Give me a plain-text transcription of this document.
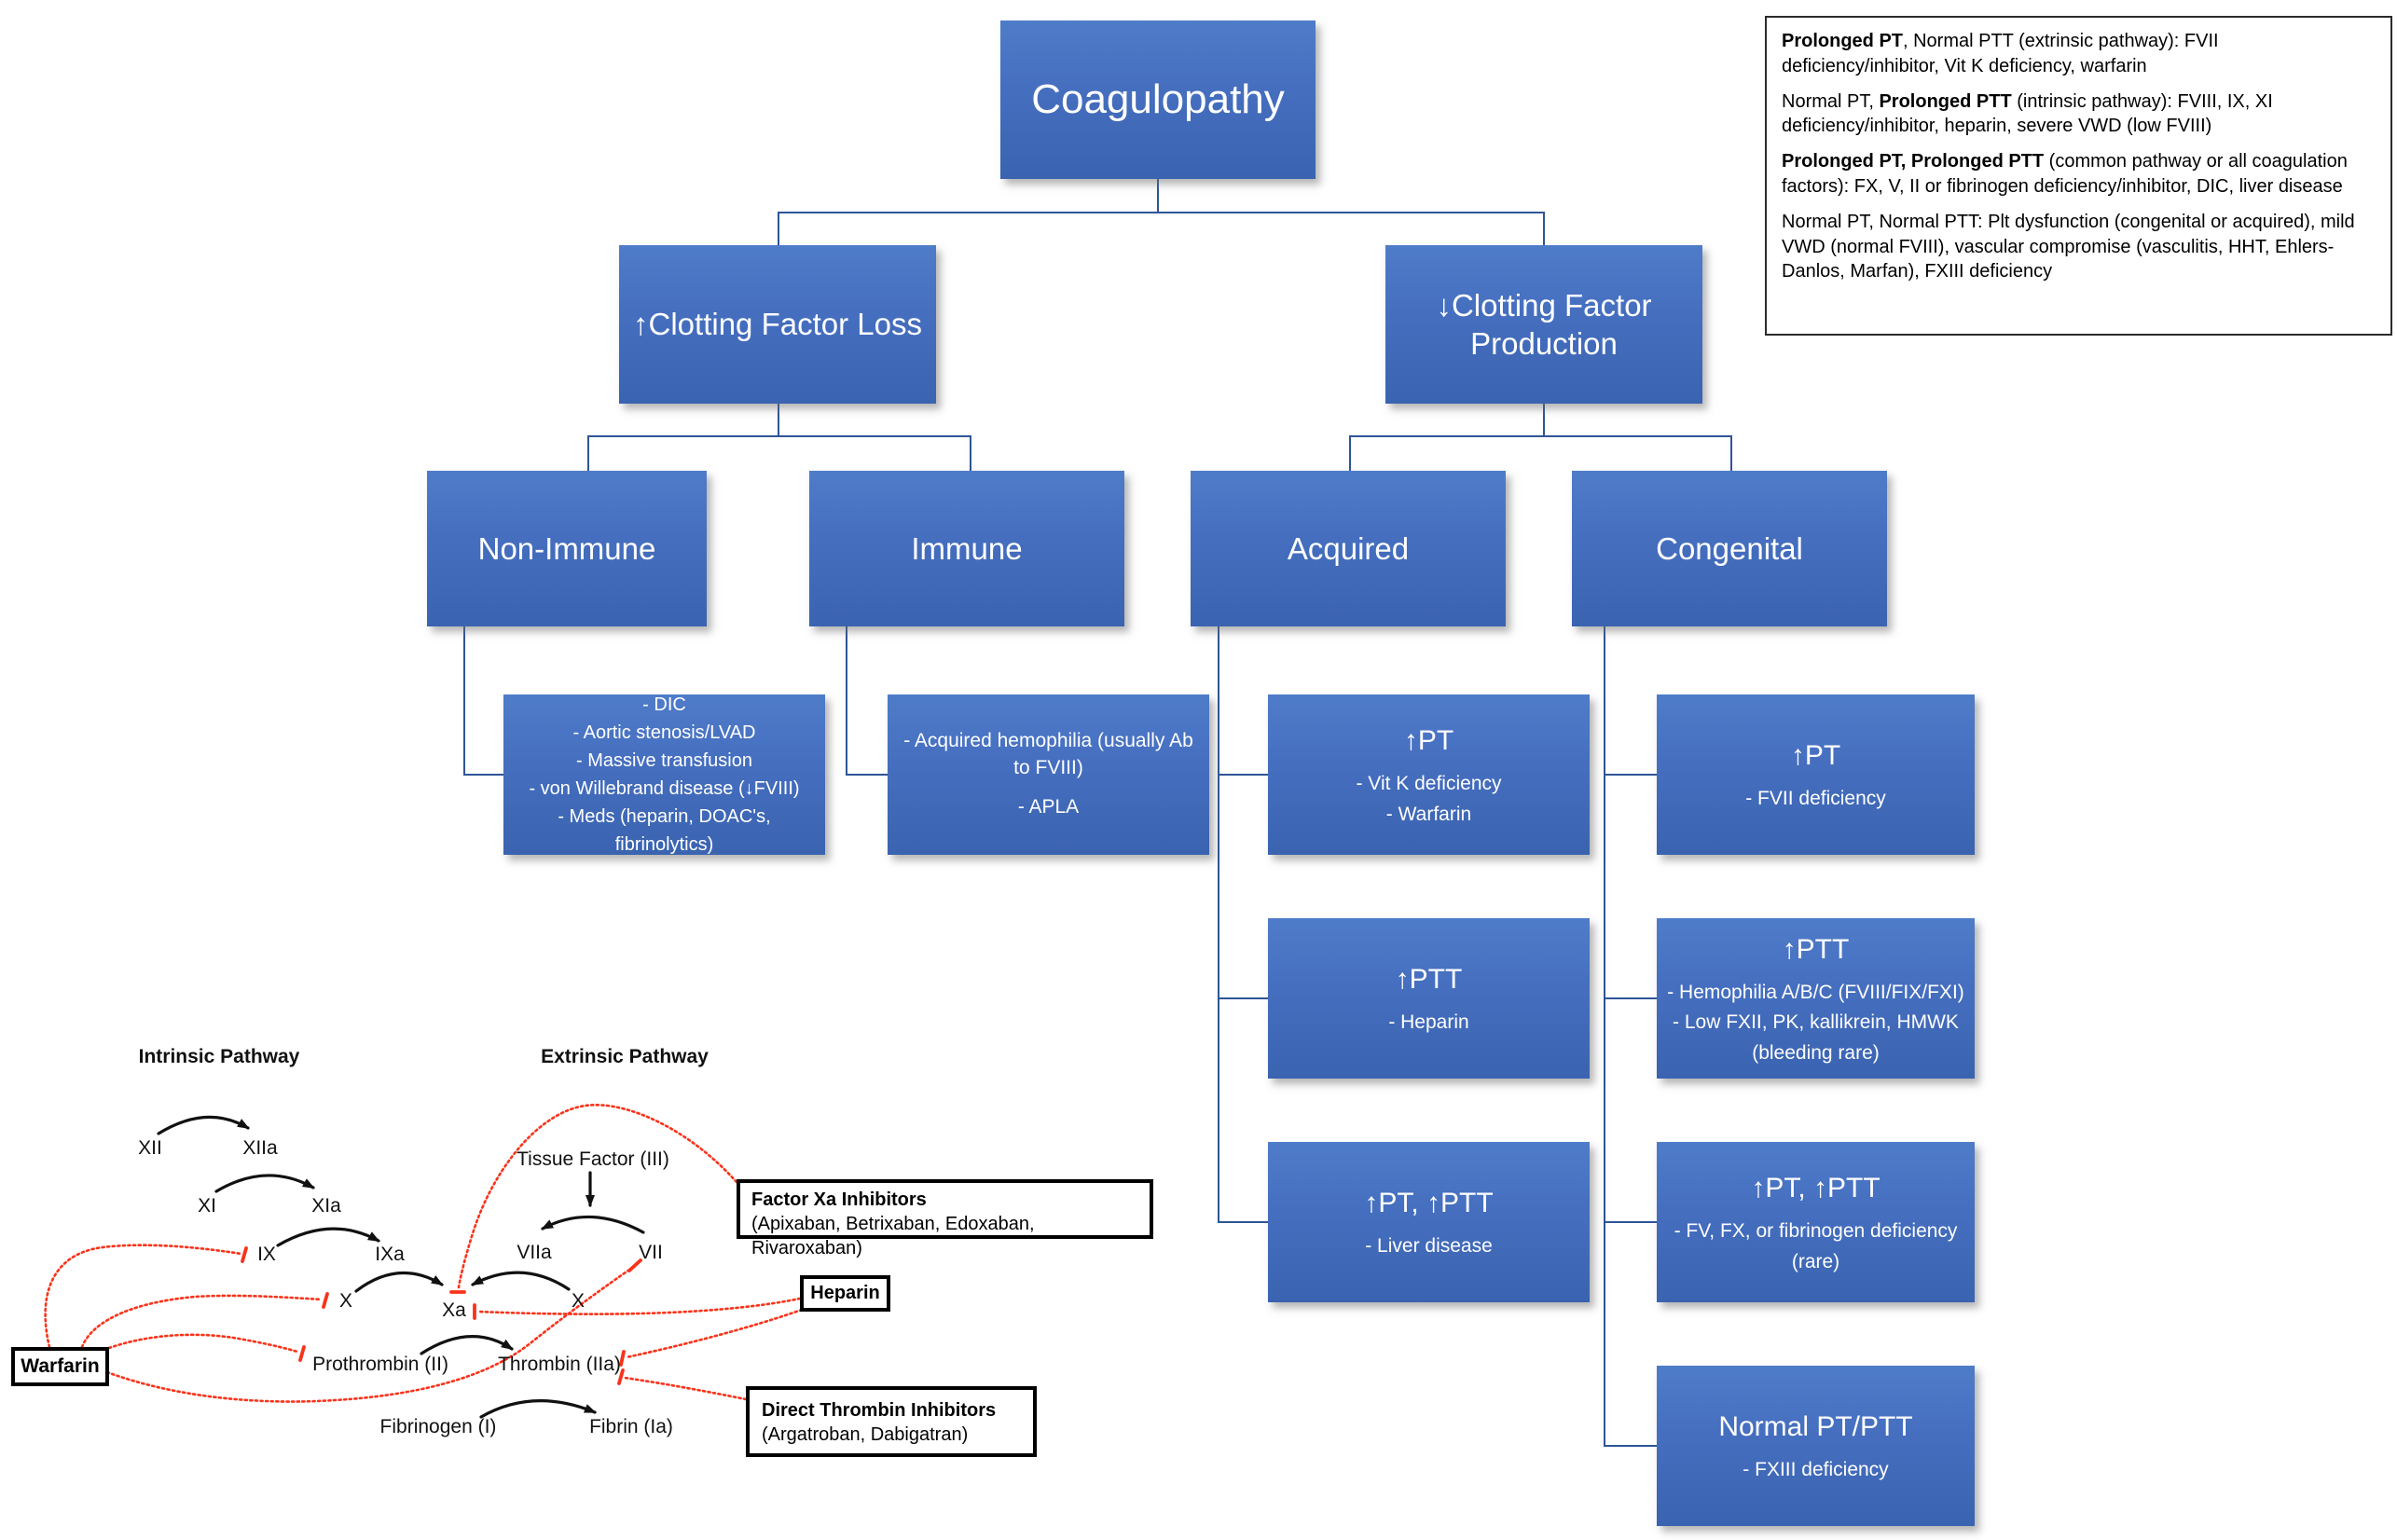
Coagulopathy
↑Clotting Factor Loss
↓Clotting Factor Production
Non-Immune	Immune	Acquired	Congenital
- DIC
- Aortic stenosis/LVAD
- Massive transfusion
- von Willebrand disease (↓FVIII)
- Meds (heparin, DOAC's, fibrinolytics)
- Acquired hemophilia (usually Ab to FVIII)
- APLA
↑PT
- Vit K deficiency
- Warfarin
↑PTT
- Heparin
↑PT, ↑PTT
- Liver disease
↑PT
- FVII deficiency
↑PTT
- Hemophilia A/B/C (FVIII/FIX/FXI)
- Low FXII, PK, kallikrein, HMWK (bleeding rare)
↑PT, ↑PTT
- FV, FX, or fibrinogen deficiency (rare)
Normal PT/PTT
- FXIII deficiency

Prolonged PT, Normal PTT (extrinsic pathway): FVII deficiency/inhibitor, Vit K deficiency, warfarin

Normal PT, Prolonged PTT (intrinsic pathway): FVIII, IX, XI deficiency/inhibitor, heparin, severe VWD (low FVIII)

Prolonged PT, Prolonged PTT (common pathway or all coagulation factors): FX, V, II or fibrinogen deficiency/inhibitor, DIC, liver disease

Normal PT, Normal PTT: Plt dysfunction (congenital or acquired), mild VWD (normal FVIII), vascular compromise (vasculitis, HHT, Ehlers-Danlos, Marfan), FXIII deficiency

Intrinsic Pathway	Extrinsic Pathway
XII	XIIa
XI	XIa
IX	IXa
X	Xa
Tissue Factor (III)
VIIa	VII
X
Prothrombin (II)	Thrombin (IIa)
Fibrinogen (I)	Fibrin (Ia)
Warfarin
Factor Xa Inhibitors
(Apixaban, Betrixaban, Edoxaban, Rivaroxaban)
Heparin
Direct Thrombin Inhibitors
(Argatroban, Dabigatran)
